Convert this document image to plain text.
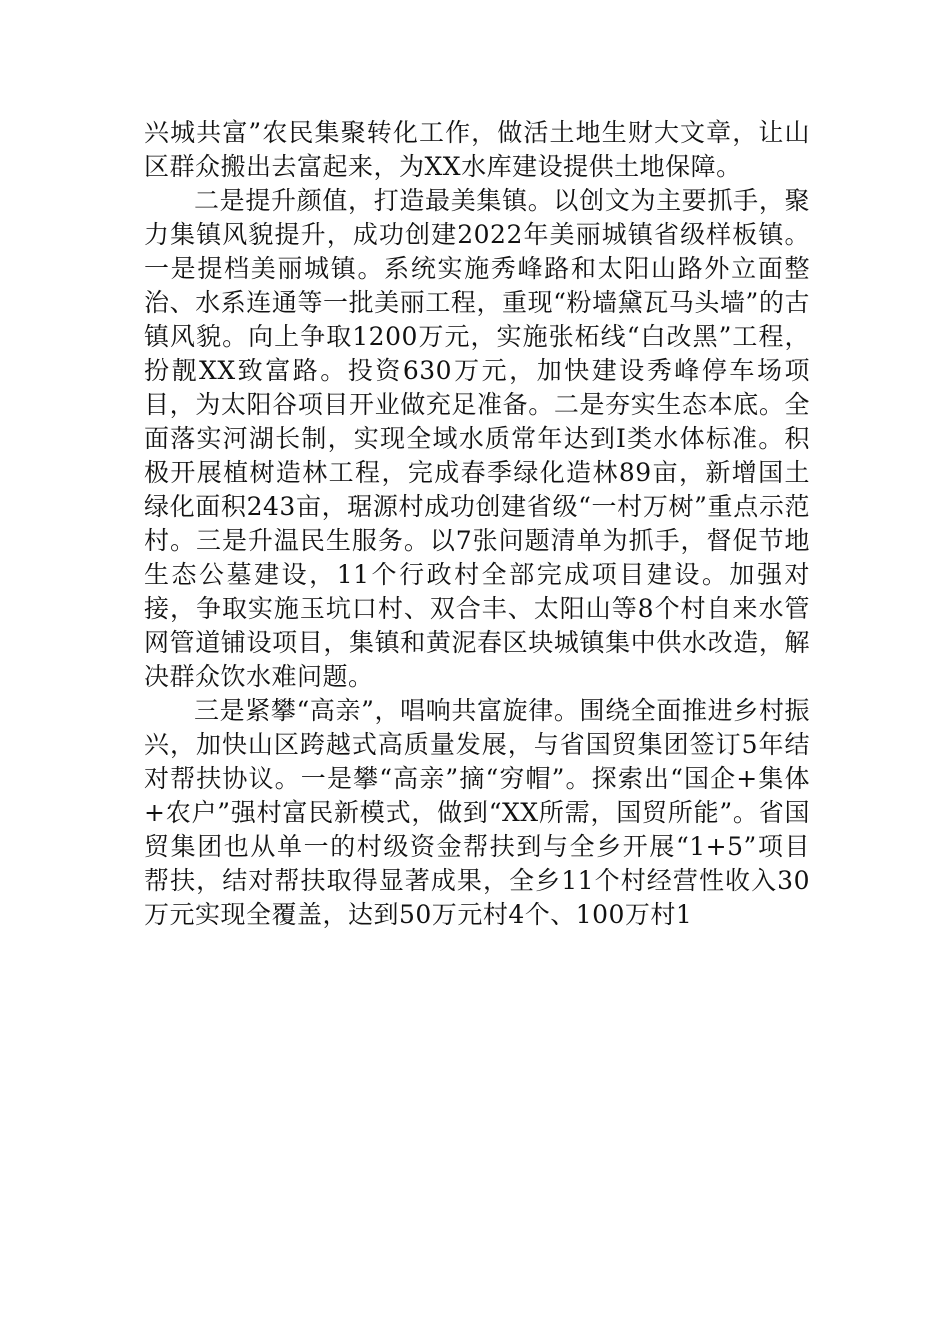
兴城共富”农民集聚转化工作，做活土地生财大文章，让山区群众搬出去富起来，为XX水库建设提供土地保障。

二是提升颜值，打造最美集镇。以创文为主要抓手，聚力集镇风貌提升，成功创建2022年美丽城镇省级样板镇。一是提档美丽城镇。系统实施秀峰路和太阳山路外立面整治、水系连通等一批美丽工程，重现“粉墙黛瓦马头墙”的古镇风貌。向上争取1200万元，实施张柘线“白改黑”工程，扮靓XX致富路。投资630万元，加快建设秀峰停车场项目，为太阳谷项目开业做充足准备。二是夯实生态本底。全面落实河湖长制，实现全域水质常年达到Ⅰ类水体标准。积极开展植树造林工程，完成春季绿化造林89亩，新增国土绿化面积243亩，琚源村成功创建省级“一村万树”重点示范村。三是升温民生服务。以7张问题清单为抓手，督促节地生态公墓建设，11个行政村全部完成项目建设。加强对接，争取实施玉坑口村、双合丰、太阳山等8个村自来水管网管道铺设项目，集镇和黄泥春区块城镇集中供水改造，解决群众饮水难问题。

三是紧攀“高亲”，唱响共富旋律。围绕全面推进乡村振兴，加快山区跨越式高质量发展，与省国贸集团签订5年结对帮扶协议。一是攀“高亲”摘“穷帽”。探索出“国企+集体+农户”强村富民新模式，做到“XX所需，国贸所能”。省国贸集团也从单一的村级资金帮扶到与全乡开展“1+5”项目帮扶，结对帮扶取得显著成果，全乡11个村经营性收入30万元实现全覆盖，达到50万元村4个、100万村1
